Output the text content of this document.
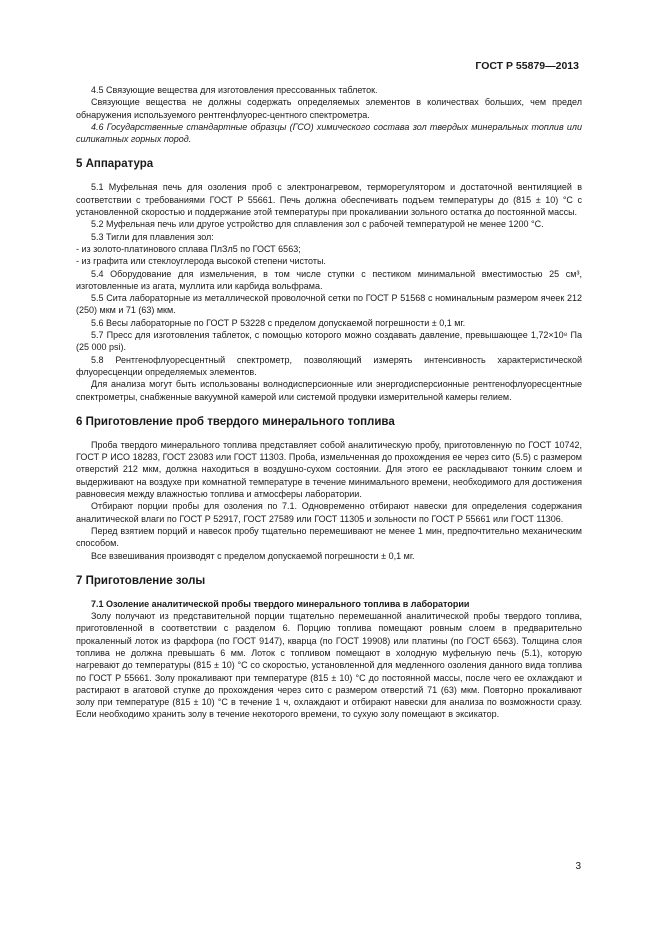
ГОСТ Р 55879—2013

4.5 Связующие вещества для изготовления прессованных таблеток.

Связующие вещества не должны содержать определяемых элементов в количествах больших, чем предел обнаружения используемого рентгенфлуорес-центного спектрометра.

4.6 Государственные стандартные образцы (ГСО) химического состава зол твердых минеральных топлив или силикатных горных пород.

5 Аппаратура

5.1 Муфельная печь для озоления проб с электронагревом, терморегулятором и достаточной вентиляцией в соответствии с требованиями ГОСТ Р 55661. Печь должна обеспечивать подъем температуры до (815 ± 10) °С с установленной скоростью и поддержание этой температуры при прокаливании зольного остатка до постоянной массы.

5.2 Муфельная печь или другое устройство для сплавления зол с рабочей температурой не менее 1200 °С.

5.3 Тигли для плавления зол:

- из золото-платинового сплава ПлЗл5 по ГОСТ 6563;

- из графита или стеклоуглерода высокой степени чистоты.

5.4 Оборудование для измельчения, в том числе ступки с пестиком минимальной вместимостью 25 см³, изготовленные из агата, муллита или карбида вольфрама.

5.5 Сита лабораторные из металлической проволочной сетки по ГОСТ Р 51568 с номинальным размером ячеек 212 (250) мкм и 71 (63) мкм.

5.6 Весы лабораторные по ГОСТ Р 53228 с пределом допускаемой погрешности ± 0,1 мг.

5.7 Пресс для изготовления таблеток, с помощью которого можно создавать давление, превышающее 1,72×10⁸ Па (25 000 psi).

5.8 Рентгенофлуоресцентный спектрометр, позволяющий измерять интенсивность характеристической флуоресценции определяемых элементов.

Для анализа могут быть использованы волнодисперсионные или энергодисперсионные рентгенофлуоресцентные спектрометры, снабженные вакуумной камерой или системой продувки измерительной камеры гелием.

6 Приготовление проб твердого минерального топлива

Проба твердого минерального топлива представляет собой аналитическую пробу, приготовленную по ГОСТ 10742, ГОСТ Р ИСО 18283, ГОСТ 23083 или ГОСТ 11303. Проба, измельченная до прохождения ее через сито (5.5) с размером отверстий 212 мкм, должна находиться в воздушно-сухом состоянии. Для этого ее раскладывают тонким слоем и выдерживают на воздухе при комнатной температуре в течение минимального времени, необходимого для достижения равновесия между влажностью топлива и атмосферы лаборатории.

Отбирают порции пробы для озоления по 7.1. Одновременно отбирают навески для определения содержания аналитической влаги по ГОСТ Р 52917, ГОСТ 27589 или ГОСТ 11305 и зольности по ГОСТ Р 55661 или ГОСТ 11306.

Перед взятием порций и навесок пробу тщательно перемешивают не менее 1 мин, предпочтительно механическим способом.

Все взвешивания производят с пределом допускаемой погрешности ± 0,1 мг.

7 Приготовление золы

7.1 Озоление аналитической пробы твердого минерального топлива в лаборатории

Золу получают из представительной порции тщательно перемешанной аналитической пробы твердого топлива, приготовленной в соответствии с разделом 6. Порцию топлива помещают ровным слоем в предварительно прокаленный лоток из фарфора (по ГОСТ 9147), кварца (по ГОСТ 19908) или платины (по ГОСТ 6563). Толщина слоя топлива не должна превышать 6 мм. Лоток с топливом помещают в холодную муфельную печь (5.1), которую нагревают до температуры (815 ± 10) °С со скоростью, установленной для медленного озоления данного вида топлива по ГОСТ Р 55661. Золу прокаливают при температуре (815 ± 10) °С до постоянной массы, после чего ее охлаждают и растирают в агатовой ступке до прохождения через сито с размером отверстий 71 (63) мкм. Повторно прокаливают золу при температуре (815 ± 10) °С в течение 1 ч, охлаждают и отбирают навески для анализа по возможности сразу. Если необходимо хранить золу в течение некоторого времени, то сухую золу помещают в эксикатор.

3
